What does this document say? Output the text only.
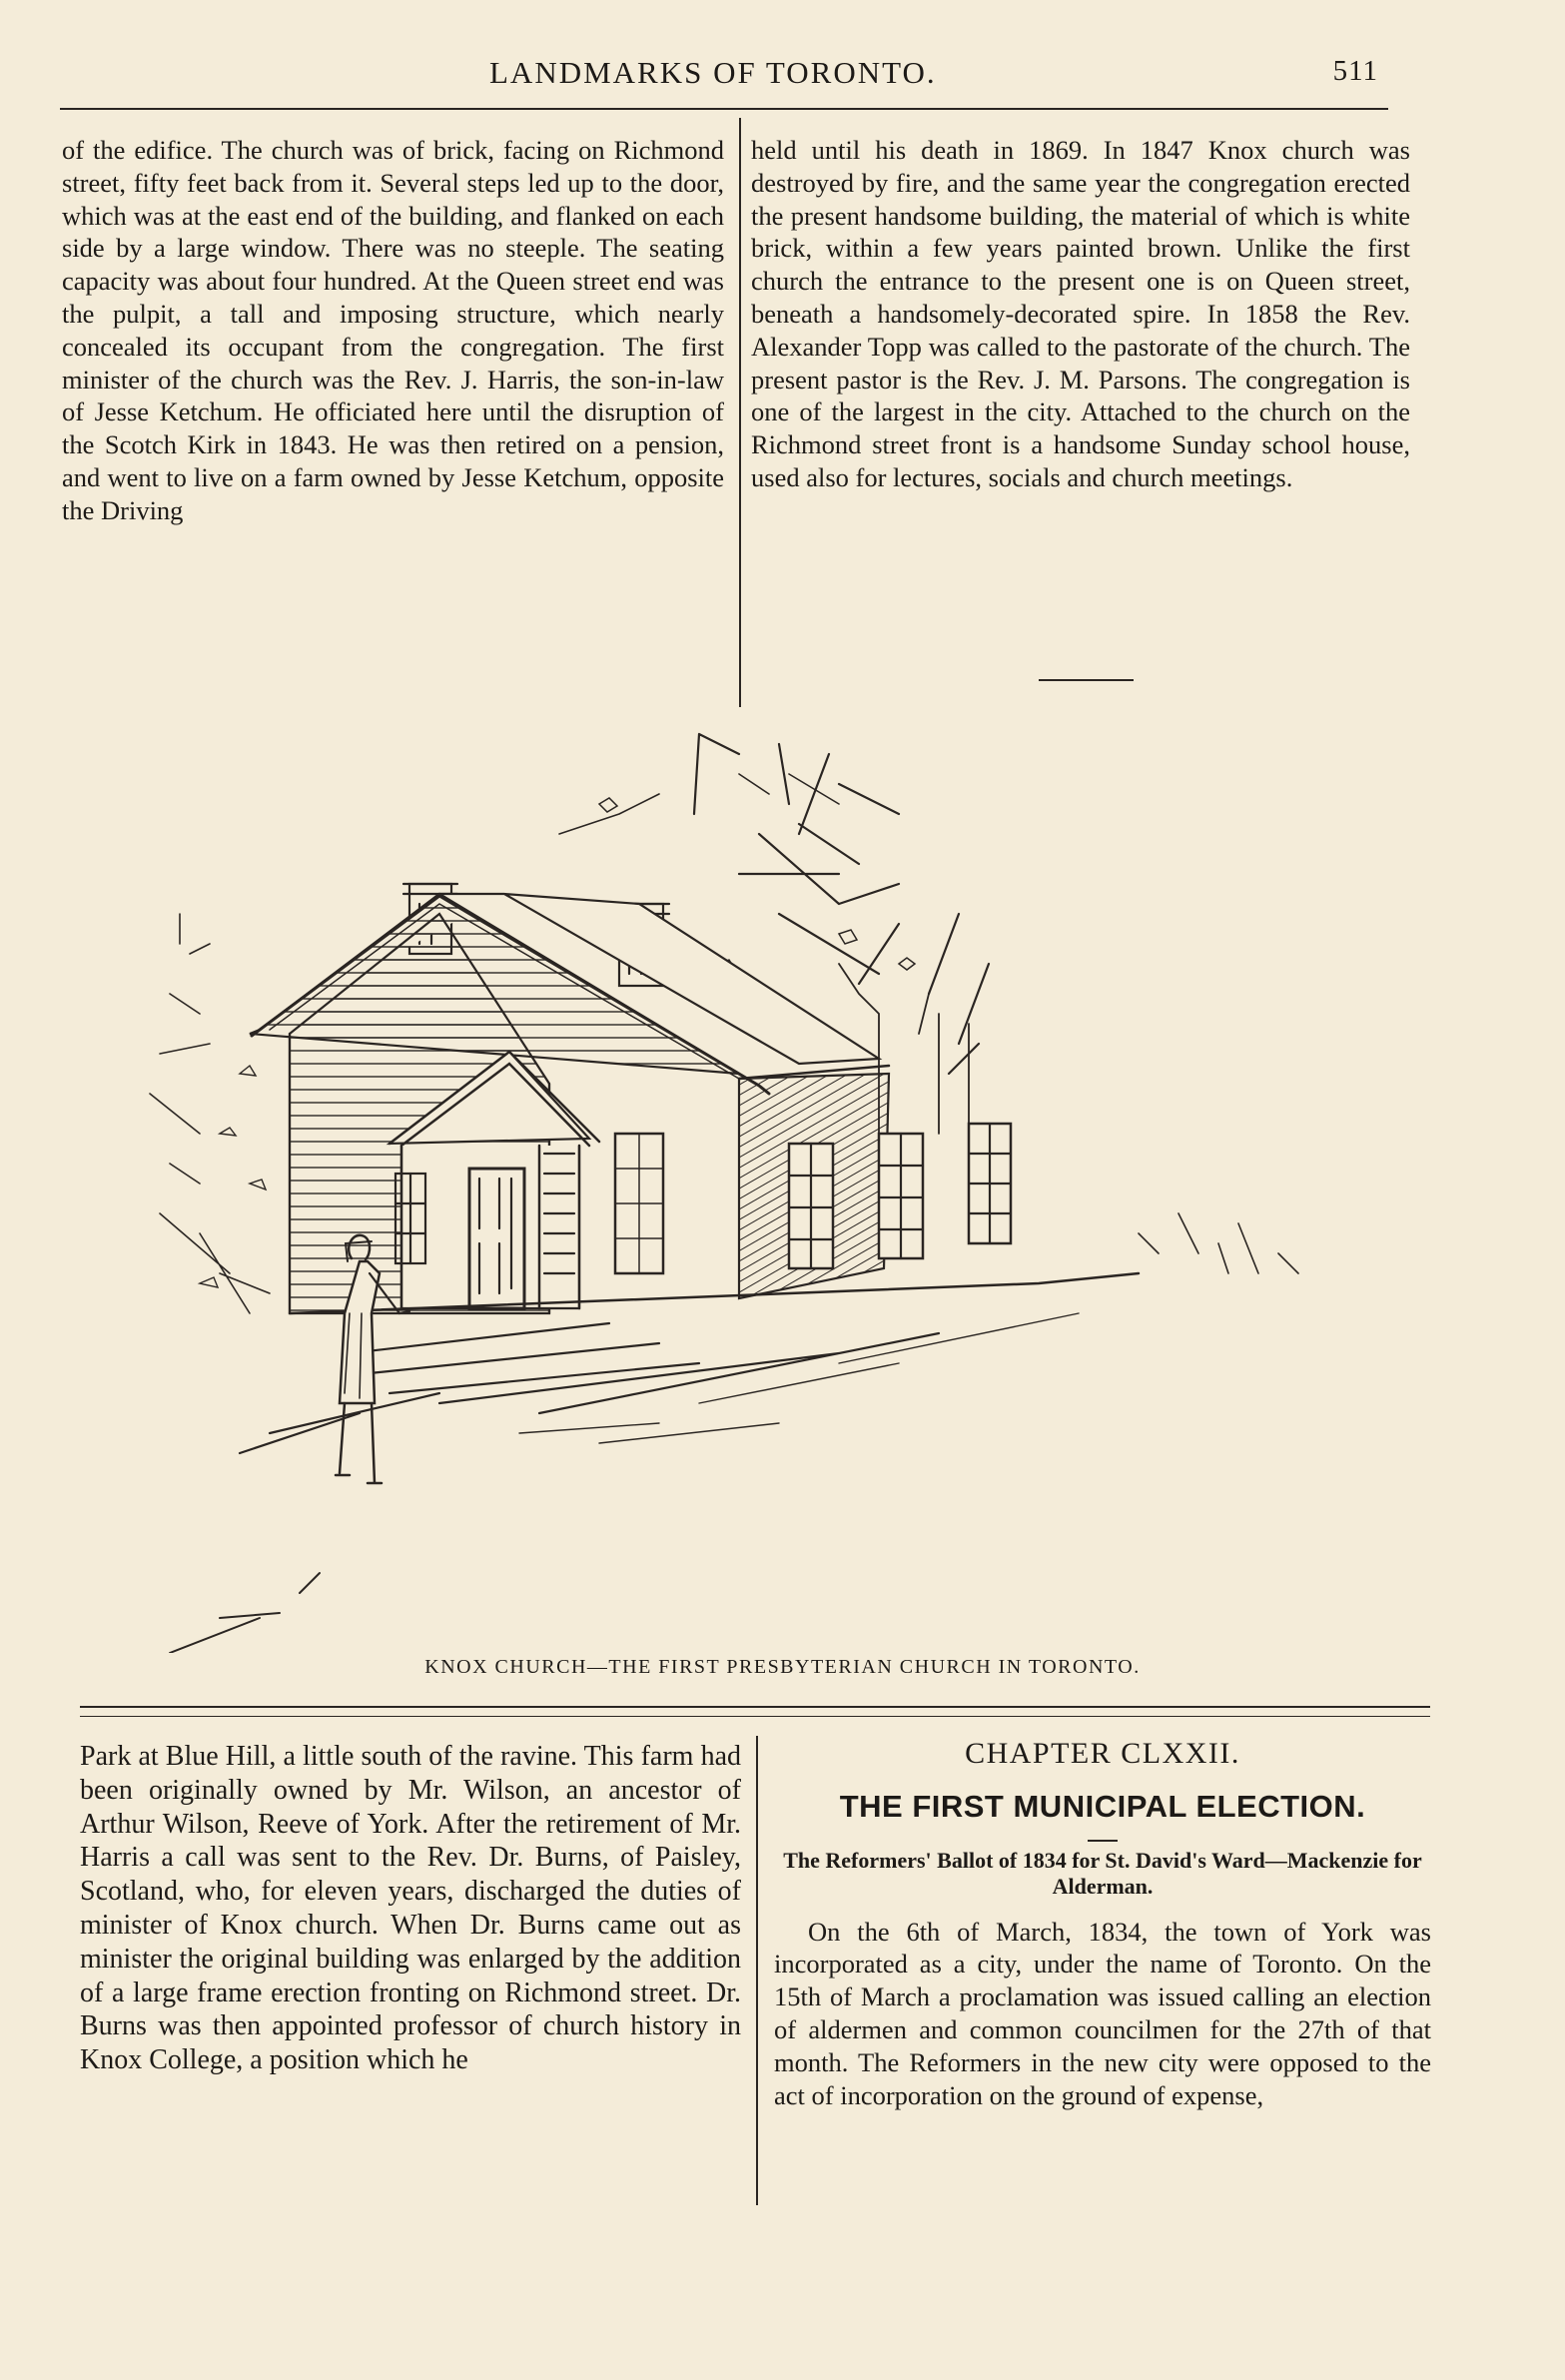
LANDMARKS OF TORONTO.	511

of the edifice. The church was of brick, facing on Richmond street, fifty feet back from it. Several steps led up to the door, which was at the east end of the building, and flanked on each side by a large window. There was no steeple. The seating capacity was about four hundred. At the Queen street end was the pulpit, a tall and imposing structure, which nearly concealed its occupant from the congregation. The first minister of the church was the Rev. J. Harris, the son-in-law of Jesse Ketchum. He officiated here until the disruption of the Scotch Kirk in 1843. He was then retired on a pension, and went to live on a farm owned by Jesse Ketchum, opposite the Driving

held until his death in 1869. In 1847 Knox church was destroyed by fire, and the same year the congregation erected the present handsome building, the material of which is white brick, within a few years painted brown. Unlike the first church the entrance to the present one is on Queen street, beneath a handsomely-decorated spire. In 1858 the Rev. Alexander Topp was called to the pastorate of the church. The present pastor is the Rev. J. M. Parsons. The congregation is one of the largest in the city. Attached to the church on the Richmond street front is a handsome Sunday school house, used also for lectures, socials and church meetings.

KNOX CHURCH—THE FIRST PRESBYTERIAN CHURCH IN TORONTO.

Park at Blue Hill, a little south of the ravine. This farm had been originally owned by Mr. Wilson, an ancestor of Arthur Wilson, Reeve of York. After the retirement of Mr. Harris a call was sent to the Rev. Dr. Burns, of Paisley, Scotland, who, for eleven years, discharged the duties of minister of Knox church. When Dr. Burns came out as minister the original building was enlarged by the addition of a large frame erection fronting on Richmond street. Dr. Burns was then appointed professor of church history in Knox College, a position which he

CHAPTER CLXXII.
THE FIRST MUNICIPAL ELECTION.
The Reformers' Ballot of 1834 for St. David's Ward—Mackenzie for Alderman.

On the 6th of March, 1834, the town of York was incorporated as a city, under the name of Toronto. On the 15th of March a proclamation was issued calling an election of aldermen and common councilmen for the 27th of that month. The Reformers in the new city were opposed to the act of incorporation on the ground of expense,
